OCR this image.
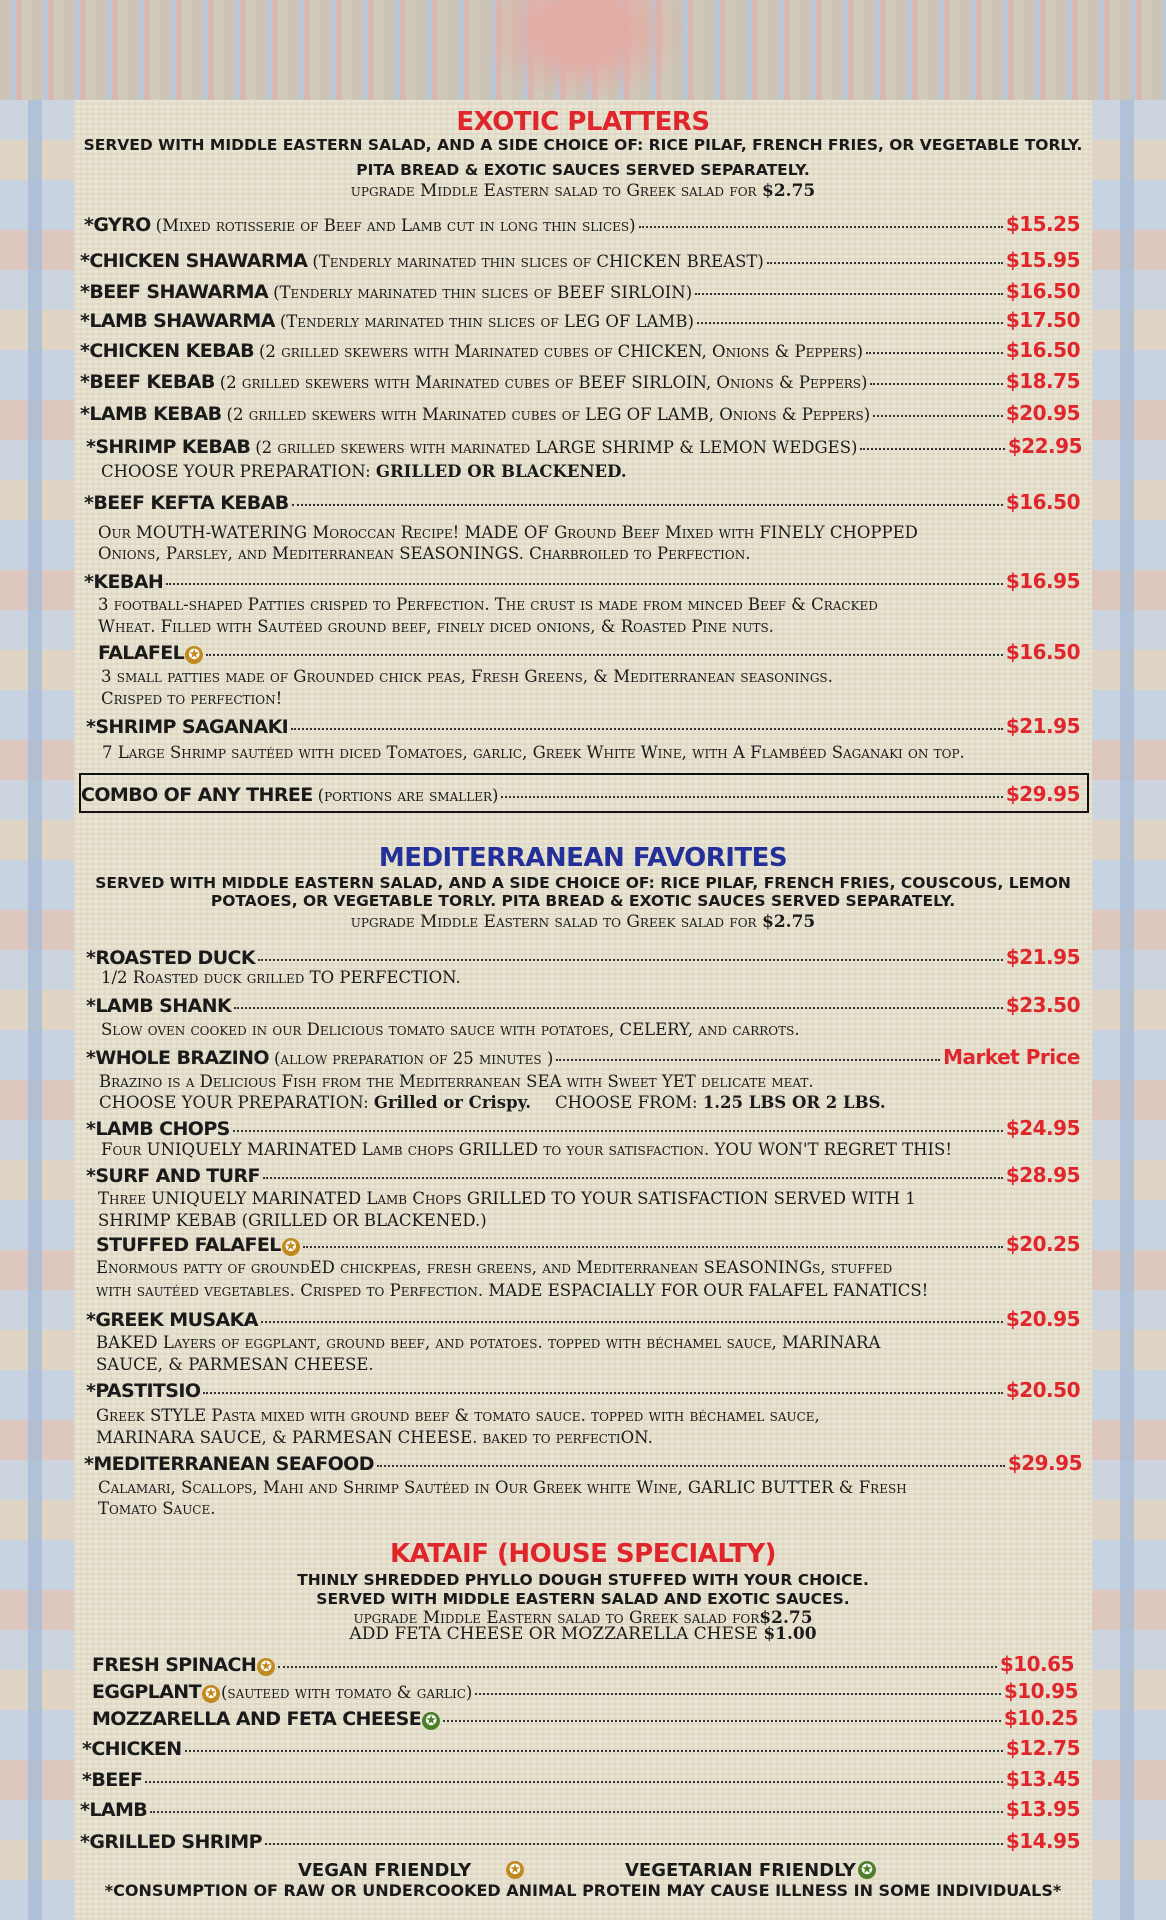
EXOTIC PLATTERS
SERVED WITH MIDDLE EASTERN SALAD, AND A SIDE CHOICE OF: RICE PILAF, FRENCH FRIES, OR VEGETABLE TORLY.
PITA BREAD & EXOTIC SAUCES SERVED SEPARATELY.
upgrade Middle Eastern salad to Greek salad for $2.75
*GYRO (Mixed rotisserie of Beef and Lamb cut in long thin slices)	$15.25
*CHICKEN SHAWARMA (Tenderly marinated thin slices of CHICKEN BREAST)	$15.95
*BEEF SHAWARMA (Tenderly marinated thin slices of BEEF SIRLOIN)	$16.50
*LAMB SHAWARMA (Tenderly marinated thin slices of LEG OF LAMB)	$17.50
*CHICKEN KEBAB (2 grilled skewers with Marinated cubes of CHICKEN, Onions & Peppers)	$16.50
*BEEF KEBAB (2 grilled skewers with Marinated cubes of BEEF SIRLOIN, Onions & Peppers)	$18.75
*LAMB KEBAB (2 grilled skewers with Marinated cubes of LEG OF LAMB, Onions & Peppers)	$20.95
*SHRIMP KEBAB (2 grilled skewers with marinated LARGE SHRIMP & LEMON WEDGES)	$22.95
CHOOSE YOUR PREPARATION: GRILLED OR BLACKENED.
*BEEF KEFTA KEBAB	$16.50
Our MOUTH-WATERING Moroccan Recipe! MADE OF Ground Beef Mixed with FINELY CHOPPED
Onions, Parsley, and Mediterranean SEASONINGS. Charbroiled to Perfection.
*KEBAH	$16.95
3 football-shaped Patties crisped to Perfection. The crust is made from minced Beef & Cracked
Wheat. Filled with Sautéed ground beef, finely diced onions, & Roasted Pine nuts.
FALAFEL ✪	$16.50
3 small patties made of Grounded chick peas, Fresh Greens, & Mediterranean seasonings.
Crisped to perfection!
*SHRIMP SAGANAKI	$21.95
7 Large Shrimp sautéed with diced Tomatoes, garlic, Greek White Wine, with A Flambéed Saganaki on top.
COMBO OF ANY THREE (portions are smaller)	$29.95
MEDITERRANEAN FAVORITES
SERVED WITH MIDDLE EASTERN SALAD, AND A SIDE CHOICE OF: RICE PILAF, FRENCH FRIES, COUSCOUS, LEMON
POTAOES, OR VEGETABLE TORLY. PITA BREAD & EXOTIC SAUCES SERVED SEPARATELY.
upgrade Middle Eastern salad to Greek salad for $2.75
*ROASTED DUCK	$21.95
1/2 Roasted duck grilled TO PERFECTION.
*LAMB SHANK	$23.50
Slow oven cooked in our Delicious tomato sauce with potatoes, CELERY, and carrots.
*WHOLE BRAZINO (allow preparation of 25 minutes )	Market Price
Brazino is a Delicious Fish from the Mediterranean SEA with Sweet YET delicate meat.
CHOOSE YOUR PREPARATION: Grilled or Crispy. CHOOSE FROM: 1.25 LBS OR 2 LBS.
*LAMB CHOPS	$24.95
Four UNIQUELY MARINATED Lamb chops GRILLED to your satisfaction. YOU WON'T REGRET THIS!
*SURF AND TURF	$28.95
Three UNIQUELY MARINATED Lamb Chops GRILLED TO YOUR SATISFACTION SERVED WITH 1
SHRIMP KEBAB (GRILLED OR BLACKENED.)
STUFFED FALAFEL ✪	$20.25
Enormous patty of groundED chickpeas, fresh greens, and Mediterranean SEASONINGs, stuffed
with sautéed vegetables. Crisped to Perfection. MADE ESPACIALLY FOR OUR FALAFEL FANATICS!
*GREEK MUSAKA	$20.95
BAKED Layers of eggplant, ground beef, and potatoes. topped with béchamel sauce, MARINARA
SAUCE, & PARMESAN CHEESE.
*PASTITSIO	$20.50
Greek STYLE Pasta mixed with ground beef & tomato sauce. topped with béchamel sauce,
MARINARA SAUCE, & PARMESAN CHEESE. baked to perfectiON.
*MEDITERRANEAN SEAFOOD	$29.95
Calamari, Scallops, Mahi and Shrimp Sautéed in Our Greek white Wine, GARLIC BUTTER & Fresh
Tomato Sauce.
KATAIF (HOUSE SPECIALTY)
THINLY SHREDDED PHYLLO DOUGH STUFFED WITH YOUR CHOICE.
SERVED WITH MIDDLE EASTERN SALAD AND EXOTIC SAUCES.
upgrade Middle Eastern salad to Greek salad for$2.75
ADD FETA CHEESE OR MOZZARELLA CHESE $1.00
FRESH SPINACH ✪	$10.65
EGGPLANT ✪ (sauteed with tomato & garlic)	$10.95
MOZZARELLA AND FETA CHEESE ✪	$10.25
*CHICKEN	$12.75
*BEEF	$13.45
*LAMB	$13.95
*GRILLED SHRIMP	$14.95
VEGAN FRIENDLY	✪	VEGETARIAN FRIENDLY ✪
*CONSUMPTION OF RAW OR UNDERCOOKED ANIMAL PROTEIN MAY CAUSE ILLNESS IN SOME INDIVIDUALS*
